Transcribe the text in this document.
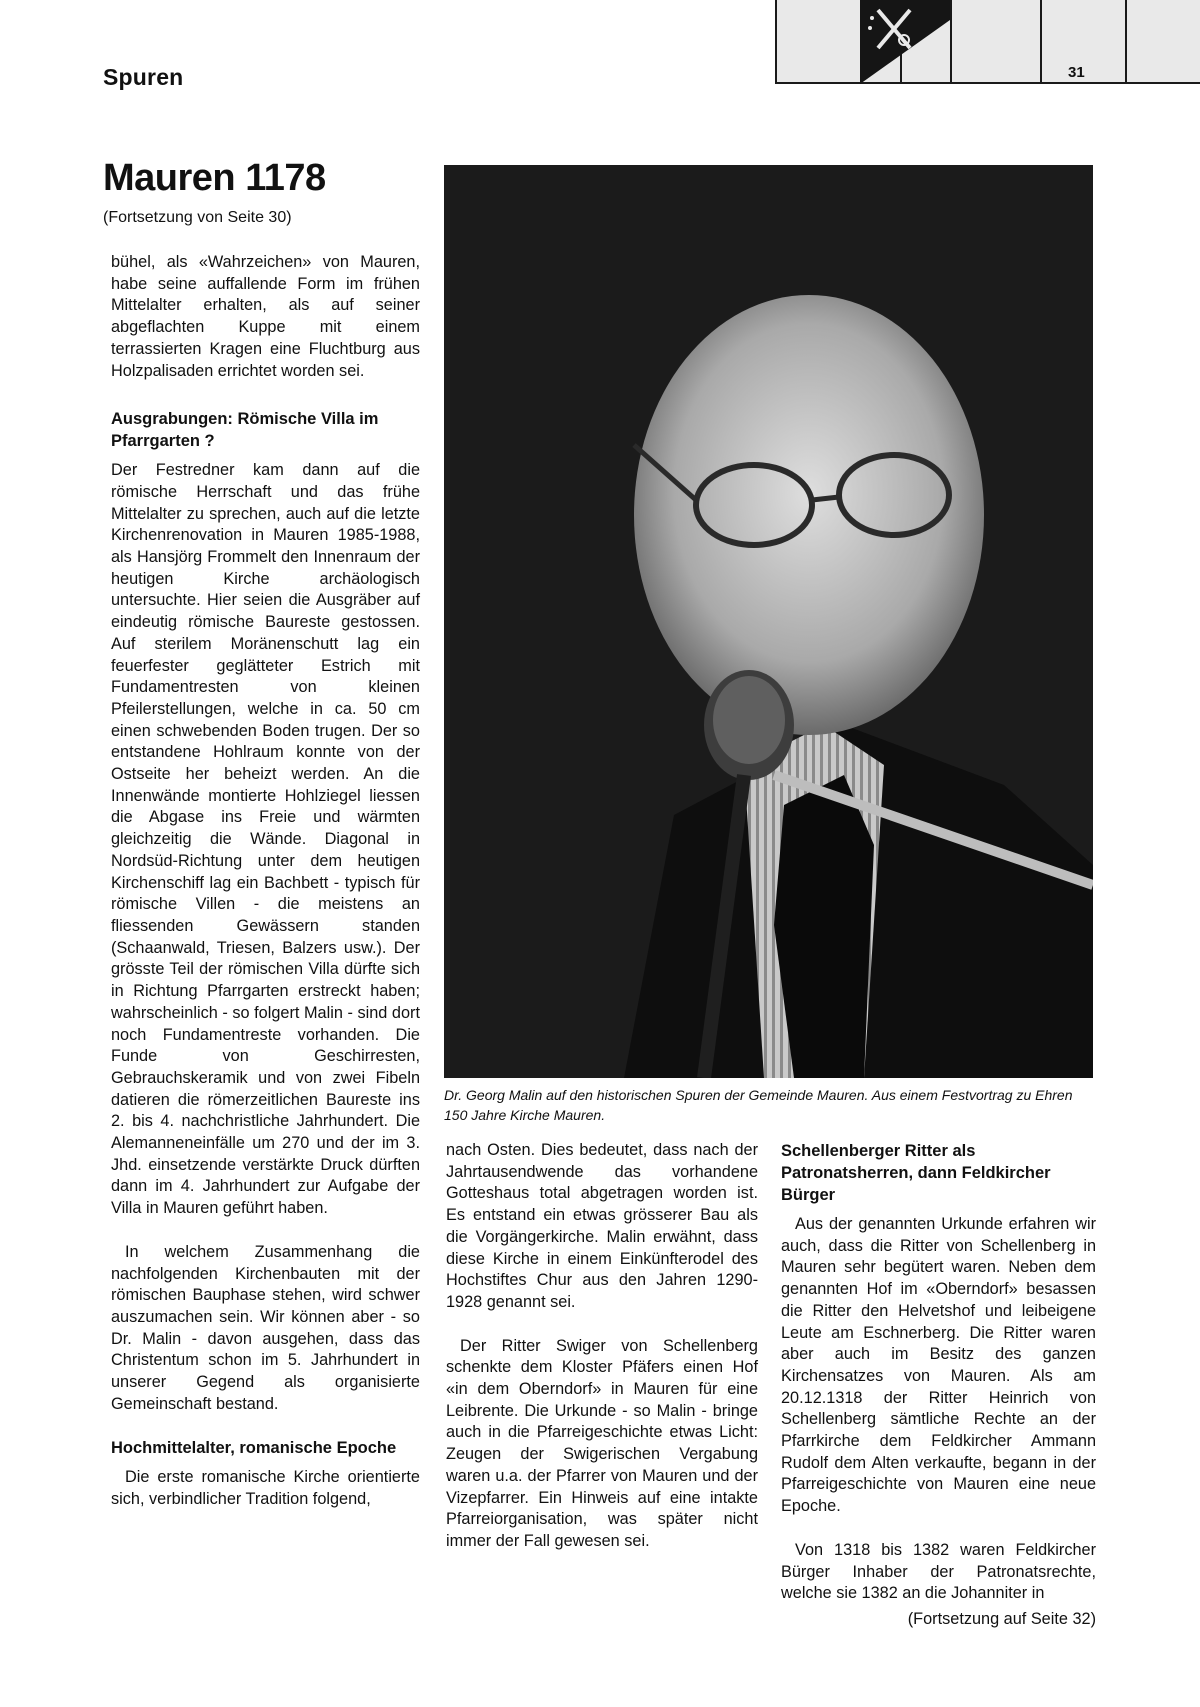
Spuren	31
Mauren 1178
(Fortsetzung von Seite 30)

bühel, als «Wahrzeichen» von Mauren, habe seine auffallende Form im frühen Mittelalter erhalten, als auf seiner abgeflachten Kuppe mit einem terrassierten Kragen eine Fluchtburg aus Holzpalisaden errichtet worden sei.

Ausgrabungen: Römische Villa im Pfarrgarten ?

Der Festredner kam dann auf die römische Herrschaft und das frühe Mittelalter zu sprechen, auch auf die letzte Kirchenrenovation in Mauren 1985-1988, als Hansjörg Frommelt den Innenraum der heutigen Kirche archäologisch untersuchte. Hier seien die Ausgräber auf eindeutig römische Baureste gestossen. Auf sterilem Moränenschutt lag ein feuerfester geglätteter Estrich mit Fundamentresten von kleinen Pfeilerstellungen, welche in ca. 50 cm einen schwebenden Boden trugen. Der so entstandene Hohlraum konnte von der Ostseite her beheizt werden. An die Innenwände montierte Hohlziegel liessen die Abgase ins Freie und wärmten gleichzeitig die Wände. Diagonal in Nordsüd-Richtung unter dem heutigen Kirchenschiff lag ein Bachbett - typisch für römische Villen - die meistens an fliessenden Gewässern standen (Schaanwald, Triesen, Balzers usw.). Der grösste Teil der römischen Villa dürfte sich in Richtung Pfarrgarten erstreckt haben; wahrscheinlich - so folgert Malin - sind dort noch Fundamentreste vorhanden. Die Funde von Geschirresten, Gebrauchskeramik und von zwei Fibeln datieren die römerzeitlichen Baureste ins 2. bis 4. nachchristliche Jahrhundert. Die Alemanneneinfälle um 270 und der im 3. Jhd. einsetzende verstärkte Druck dürften dann im 4. Jahrhundert zur Aufgabe der Villa in Mauren geführt haben.

In welchem Zusammenhang die nachfolgenden Kirchenbauten mit der römischen Bauphase stehen, wird schwer auszumachen sein. Wir können aber - so Dr. Malin - davon ausgehen, dass das Christentum schon im 5. Jahrhundert in unserer Gegend als organisierte Gemeinschaft bestand.

Hochmittelalter, romanische Epoche

Die erste romanische Kirche orientierte sich, verbindlicher Tradition folgend,

Dr. Georg Malin auf den historischen Spuren der Gemeinde Mauren. Aus einem Festvortrag zu Ehren 150 Jahre Kirche Mauren.

nach Osten. Dies bedeutet, dass nach der Jahrtausendwende das vorhandene Gotteshaus total abgetragen worden ist. Es entstand ein etwas grösserer Bau als die Vorgängerkirche. Malin erwähnt, dass diese Kirche in einem Einkünfterodel des Hochstiftes Chur aus den Jahren 1290-1928 genannt sei.

Der Ritter Swiger von Schellenberg schenkte dem Kloster Pfäfers einen Hof «in dem Oberndorf» in Mauren für eine Leibrente. Die Urkunde - so Malin - bringe auch in die Pfarreigeschichte etwas Licht: Zeugen der Swigerischen Vergabung waren u.a. der Pfarrer von Mauren und der Vizepfarrer. Ein Hinweis auf eine intakte Pfarreiorganisation, was später nicht immer der Fall gewesen sei.

Schellenberger Ritter als Patronatsherren, dann Feldkircher Bürger

Aus der genannten Urkunde erfahren wir auch, dass die Ritter von Schellenberg in Mauren sehr begütert waren. Neben dem genannten Hof im «Oberndorf» besassen die Ritter den Helvetshof und leibeigene Leute am Eschnerberg. Die Ritter waren aber auch im Besitz des ganzen Kirchensatzes von Mauren. Als am 20.12.1318 der Ritter Heinrich von Schellenberg sämtliche Rechte an der Pfarrkirche dem Feldkircher Ammann Rudolf dem Alten verkaufte, begann in der Pfarreigeschichte von Mauren eine neue Epoche.

Von 1318 bis 1382 waren Feldkircher Bürger Inhaber der Patronatsrechte, welche sie 1382 an die Johanniter in

(Fortsetzung auf Seite 32)
